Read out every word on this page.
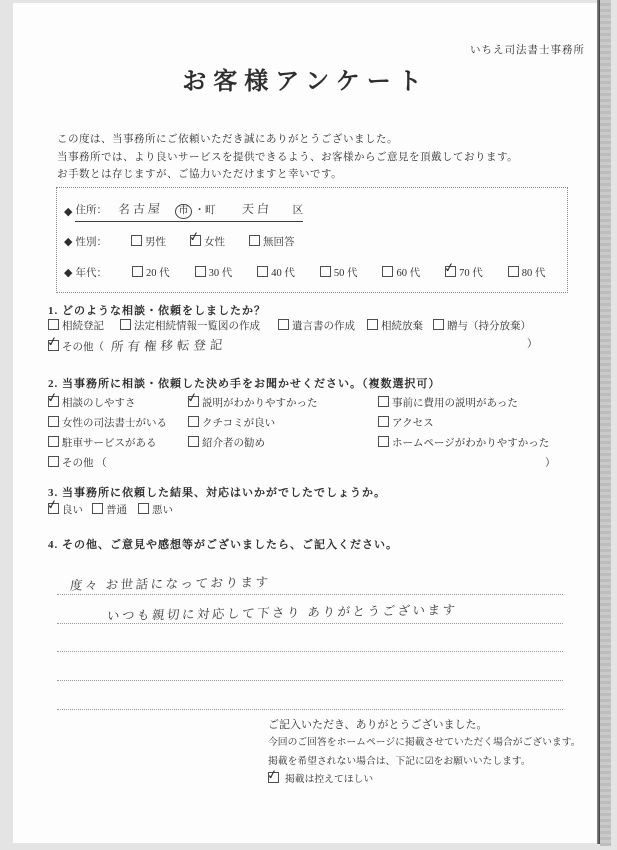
いちえ司法書士事務所
お客様アンケート
この度は、当事務所にご依頼いただき誠にありがとうございました。
当事務所では、より良いサービスを提供できるよう、お客様からご意見を頂戴しております。
お手数とは存じますが、ご協力いただけますと幸いです。
◆ 住所： 名古屋 市 ・町 天白 区
◆ 性別：	男性 ✓	女性	無回答
◆ 年代：	20 代	30 代	40 代	50 代	60 代 ✓	70 代	80 代
1. どのような相談・依頼をしましたか？
相続登記	法定相続情報一覧図の作成	遺言書の作成	相続放棄	贈与（持分放棄）
✓その他（ 所有権移転登記	）
2. 当事務所に相談・依頼した決め手をお聞かせください。（複数選択可）
✓相談のしやすさ ✓	説明がわかりやすかった	事前に費用の説明があった
女性の司法書士がいる	クチコミが良い	アクセス
駐車サービスがある	紹介者の勧め	ホームページがわかりやすかった
その他 （	）
3. 当事務所に依頼した結果、対応はいかがでしたでしょうか。
✓良い	普通	悪い
4. その他、ご意見や感想等がございましたら、ご記入ください。
度々 お世話になっております
いつも親切に対応して下さり ありがとうございます
ご記入いただき、ありがとうございました。
今回のご回答をホームページに掲載させていただく場合がございます。
掲載を希望されない場合は、下記に☑をお願いいたします。
✓掲載は控えてほしい
